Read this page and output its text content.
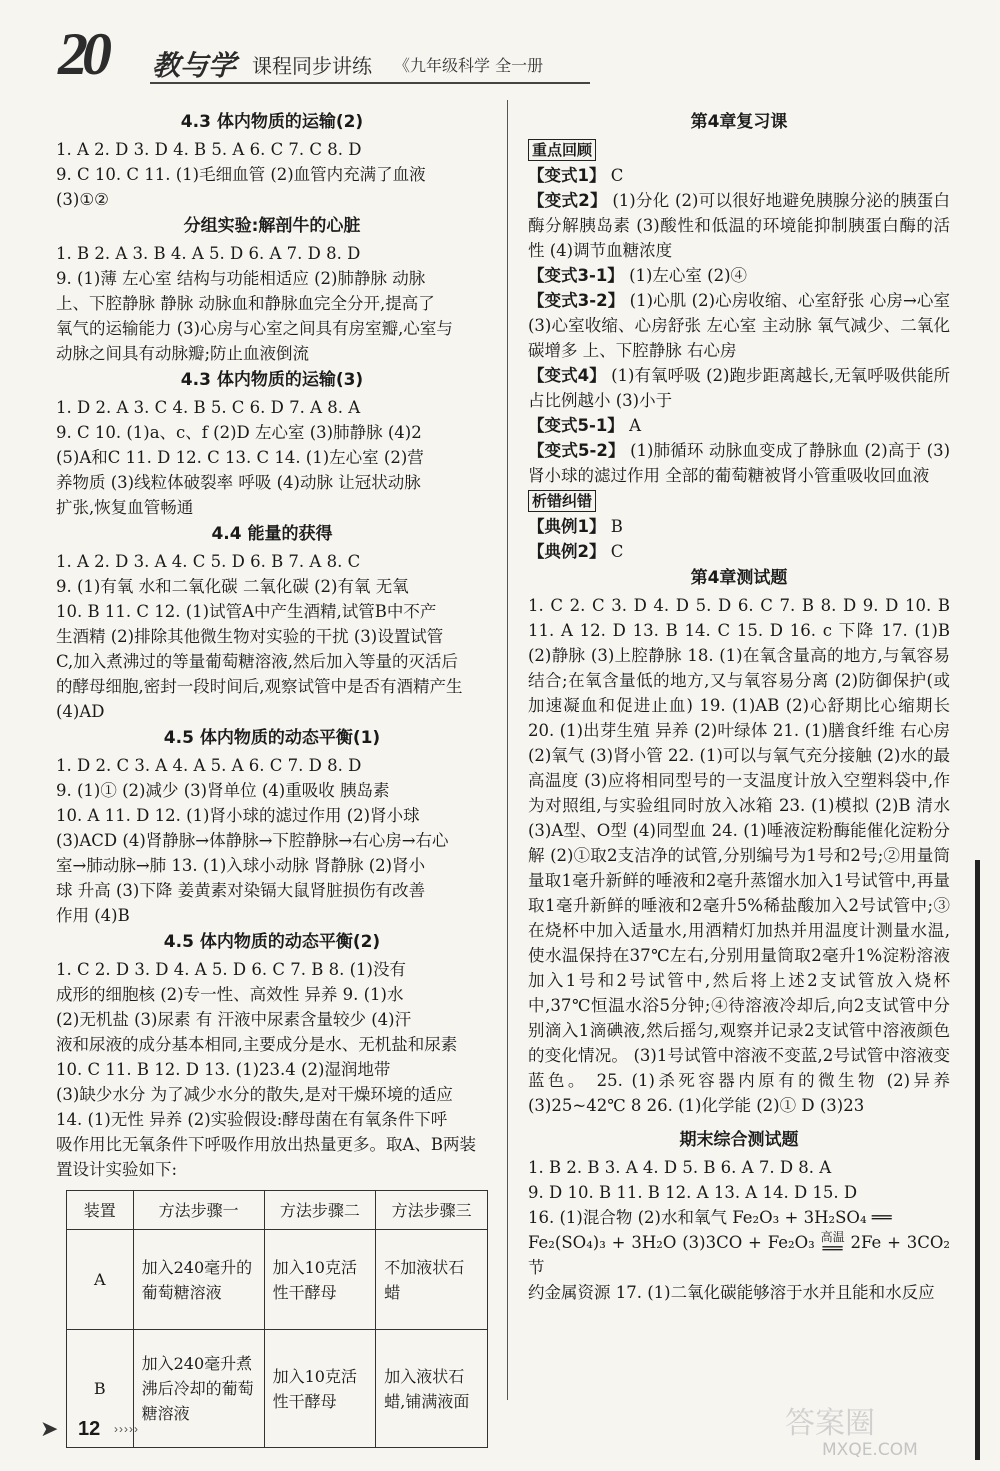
20 教与学 课程同步讲练 《九年级科学 全一册
4.3 体内物质的运输(2)

1. A 2. D 3. D 4. B 5. A 6. C 7. C 8. D

9. C 10. C 11. (1)毛细血管 (2)血管内充满了血液

(3)①②

分组实验:解剖牛的心脏

1. B 2. A 3. B 4. A 5. D 6. A 7. D 8. D

9. (1)薄 左心室 结构与功能相适应 (2)肺静脉 动脉

上、下腔静脉 静脉 动脉血和静脉血完全分开,提高了

氧气的运输能力 (3)心房与心室之间具有房室瓣,心室与

动脉之间具有动脉瓣;防止血液倒流

4.3 体内物质的运输(3)

1. D 2. A 3. C 4. B 5. C 6. D 7. A 8. A

9. C 10. (1)a、c、f (2)D 左心室 (3)肺静脉 (4)2

(5)A和C 11. D 12. C 13. C 14. (1)左心室 (2)营

养物质 (3)线粒体破裂率 呼吸 (4)动脉 让冠状动脉

扩张,恢复血管畅通

4.4 能量的获得

1. A 2. D 3. A 4. C 5. D 6. B 7. A 8. C

9. (1)有氧 水和二氧化碳 二氧化碳 (2)有氧 无氧

10. B 11. C 12. (1)试管A中产生酒精,试管B中不产

生酒精 (2)排除其他微生物对实验的干扰 (3)设置试管

C,加入煮沸过的等量葡萄糖溶液,然后加入等量的灭活后

的酵母细胞,密封一段时间后,观察试管中是否有酒精产生

(4)AD

4.5 体内物质的动态平衡(1)

1. D 2. C 3. A 4. A 5. A 6. C 7. D 8. D

9. (1)① (2)减少 (3)肾单位 (4)重吸收 胰岛素

10. A 11. D 12. (1)肾小球的滤过作用 (2)肾小球

(3)ACD (4)肾静脉→体静脉→下腔静脉→右心房→右心

室→肺动脉→肺 13. (1)入球小动脉 肾静脉 (2)肾小

球 升高 (3)下降 姜黄素对染镉大鼠肾脏损伤有改善

作用 (4)B

4.5 体内物质的动态平衡(2)

1. C 2. D 3. D 4. A 5. D 6. C 7. B 8. (1)没有

成形的细胞核 (2)专一性、高效性 异养 9. (1)水

(2)无机盐 (3)尿素 有 汗液中尿素含量较少 (4)汗

液和尿液的成分基本相同,主要成分是水、无机盐和尿素

10. C 11. B 12. D 13. (1)23.4 (2)湿润地带

(3)缺少水分 为了减少水分的散失,是对干燥环境的适应

14. (1)无性 异养 (2)实验假设:酵母菌在有氧条件下呼

吸作用比无氧条件下呼吸作用放出热量更多。取A、B两装

置设计实验如下:

装置	方法步骤一	方法步骤二	方法步骤三
A	加入240毫升的葡萄糖溶液	加入10克活性干酵母	不加液状石蜡
B	加入240毫升煮沸后冷却的葡萄糖溶液	加入10克活性干酵母	加入液状石蜡,铺满液面
第4章复习课
重点回顾

【变式1】 C

【变式2】 (1)分化 (2)可以很好地避免胰腺分泌的胰蛋白酶分解胰岛素 (3)酸性和低温的环境能抑制胰蛋白酶的活性 (4)调节血糖浓度

【变式3-1】 (1)左心室 (2)④

【变式3-2】 (1)心肌 (2)心房收缩、心室舒张 心房→心室 (3)心室收缩、心房舒张 左心室 主动脉 氧气减少、二氧化碳增多 上、下腔静脉 右心房

【变式4】 (1)有氧呼吸 (2)跑步距离越长,无氧呼吸供能所占比例越小 (3)小于

【变式5-1】 A

【变式5-2】 (1)肺循环 动脉血变成了静脉血 (2)高于 (3)肾小球的滤过作用 全部的葡萄糖被肾小管重吸收回血液

析错纠错

【典例1】 B

【典例2】 C

第4章测试题

1. C 2. C 3. D 4. D 5. D 6. C 7. B 8. D 9. D 10. B 11. A 12. D 13. B 14. C 15. D 16. c 下降 17. (1)B (2)静脉 (3)上腔静脉 18. (1)在氧含量高的地方,与氧容易结合;在氧含量低的地方,又与氧容易分离 (2)防御保护(或加速凝血和促进止血) 19. (1)AB (2)心舒期比心缩期长 20. (1)出芽生殖 异养 (2)叶绿体 21. (1)膳食纤维 右心房 (2)氧气 (3)肾小管 22. (1)可以与氧气充分接触 (2)水的最高温度 (3)应将相同型号的一支温度计放入空塑料袋中,作为对照组,与实验组同时放入冰箱 23. (1)模拟 (2)B 清水 (3)A型、O型 (4)同型血 24. (1)唾液淀粉酶能催化淀粉分解 (2)①取2支洁净的试管,分别编号为1号和2号;②用量筒量取1毫升新鲜的唾液和2毫升蒸馏水加入1号试管中,再量取1毫升新鲜的唾液和2毫升5%稀盐酸加入2号试管中;③在烧杯中加入适量水,用酒精灯加热并用温度计测量水温,使水温保持在37℃左右,分别用量筒取2毫升1%淀粉溶液加入1号和2号试管中,然后将上述2支试管放入烧杯中,37℃恒温水浴5分钟;④待溶液冷却后,向2支试管中分别滴入1滴碘液,然后摇匀,观察并记录2支试管中溶液颜色的变化情况。 (3)1号试管中溶液不变蓝,2号试管中溶液变蓝色。 25. (1)杀死容器内原有的微生物 (2)异养 (3)25~42℃ 8 26. (1)化学能 (2)① D (3)23

期末综合测试题

1. B 2. B 3. A 4. D 5. B 6. A 7. D 8. A

9. D 10. B 11. B 12. A 13. A 14. D 15. D

16. (1)混合物 (2)水和氧气 Fe₂O₃ + 3H₂SO₄ ══

Fe₂(SO₄)₃ + 3H₂O (3)3CO + Fe₂O₃ 高温
══ 2Fe + 3CO₂ 节

约金属资源 17. (1)二氧化碳能够溶于水并且能和水反应

➤ 12 ›››››	答案圈
MXQE.COM
